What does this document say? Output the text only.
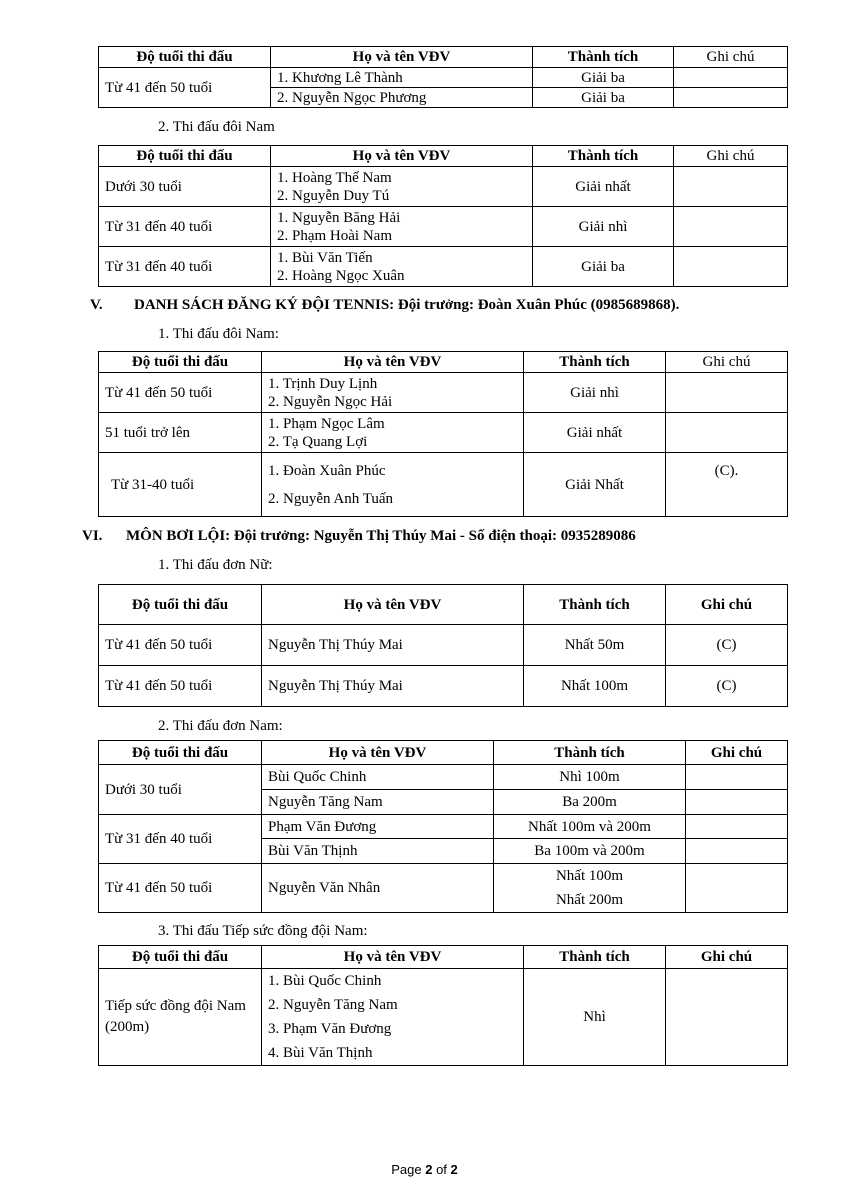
Độ tuổi thi đấu	Họ và tên VĐV	Thành tích	Ghi chú
Từ 41 đến 50 tuổi	1. Khương Lê Thành	Giải ba	
	2. Nguyễn Ngọc Phương	Giải ba	
2. Thi đấu đôi Nam
Độ tuổi thi đấu	Họ và tên VĐV	Thành tích	Ghi chú
Dưới 30 tuổi	1. Hoàng Thế Nam
2. Nguyễn Duy Tú	Giải nhất	
Từ 31 đến 40 tuổi	1. Nguyễn Băng Hải
2. Phạm Hoài Nam	Giải nhì	
Từ 31 đến 40 tuổi	1. Bùi Văn Tiến
2. Hoàng Ngọc Xuân	Giải ba	
V. DANH SÁCH ĐĂNG KÝ ĐỘI TENNIS: Đội trưởng: Đoàn Xuân Phúc (0985689868).
1. Thi đấu đôi Nam:
Độ tuổi thi đấu	Họ và tên VĐV	Thành tích	Ghi chú
Từ 41 đến 50 tuổi	1. Trịnh Duy Lịnh
2. Nguyễn Ngọc Hải	Giải nhì	
51 tuổi trở lên	1. Phạm Ngọc Lâm
2. Tạ Quang Lợi	Giải nhất	
Từ 31-40 tuổi	1. Đoàn Xuân Phúc
2. Nguyễn Anh Tuấn	Giải Nhất	(C).
VI. MÔN BƠI LỘI: Đội trưởng: Nguyễn Thị Thúy Mai - Số điện thoại: 0935289086
1. Thi đấu đơn Nữ:
Độ tuổi thi đấu	Họ và tên VĐV	Thành tích	Ghi chú
Từ 41 đến 50 tuổi	Nguyễn Thị Thúy Mai	Nhất 50m	(C)
Từ 41 đến 50 tuổi	Nguyễn Thị Thúy Mai	Nhất 100m	(C)
2. Thi đấu đơn Nam:
Độ tuổi thi đấu	Họ và tên VĐV	Thành tích	Ghi chú
Dưới 30 tuổi	Bùi Quốc Chinh	Nhì 100m	
	Nguyễn Tăng Nam	Ba 200m	
Từ 31 đến 40 tuổi	Phạm Văn Đương	Nhất 100m và 200m	
	Bùi Văn Thịnh	Ba 100m và 200m	
Từ 41 đến 50 tuổi	Nguyễn Văn Nhân	Nhất 100m
Nhất 200m	

3. Thi đấu Tiếp sức đồng đội Nam:
Độ tuổi thi đấu	Họ và tên VĐV	Thành tích	Ghi chú
Tiếp sức đồng đội Nam (200m)	1. Bùi Quốc Chinh
2. Nguyễn Tăng Nam
3. Phạm Văn Đương
4. Bùi Văn Thịnh	Nhì	
Page 2 of 2
